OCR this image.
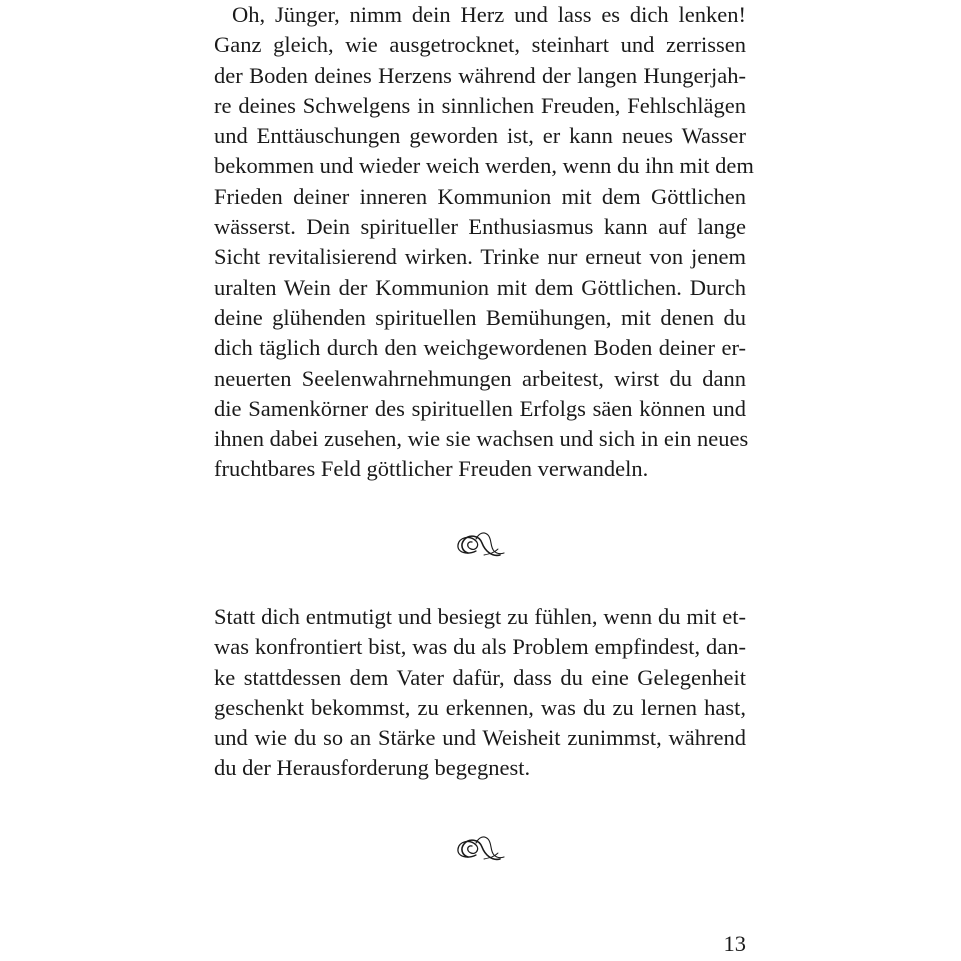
Oh, Jünger, nimm dein Herz und lass es dich lenken!
Ganz gleich, wie ausgetrocknet, steinhart und zerrissen
der Boden deines Herzens während der langen Hungerjah-
re deines Schwelgens in sinnlichen Freuden, Fehlschlägen
und Enttäuschungen geworden ist, er kann neues Wasser
bekommen und wieder weich werden, wenn du ihn mit dem
Frieden deiner inneren Kommunion mit dem Göttlichen
wässerst. Dein spiritueller Enthusiasmus kann auf lange
Sicht revitalisierend wirken. Trinke nur erneut von jenem
uralten Wein der Kommunion mit dem Göttlichen. Durch
deine glühenden spirituellen Bemühungen, mit denen du
dich täglich durch den weichgewordenen Boden deiner er-
neuerten Seelenwahrnehmungen arbeitest, wirst du dann
die Samenkörner des spirituellen Erfolgs säen können und
ihnen dabei zusehen, wie sie wachsen und sich in ein neues
fruchtbares Feld göttlicher Freuden verwandeln.

Statt dich entmutigt und besiegt zu fühlen, wenn du mit et-
was konfrontiert bist, was du als Problem empfindest, dan-
ke stattdessen dem Vater dafür, dass du eine Gelegenheit
geschenkt bekommst, zu erkennen, was du zu lernen hast,
und wie du so an Stärke und Weisheit zunimmst, während
du der Herausforderung begegnest.

13
